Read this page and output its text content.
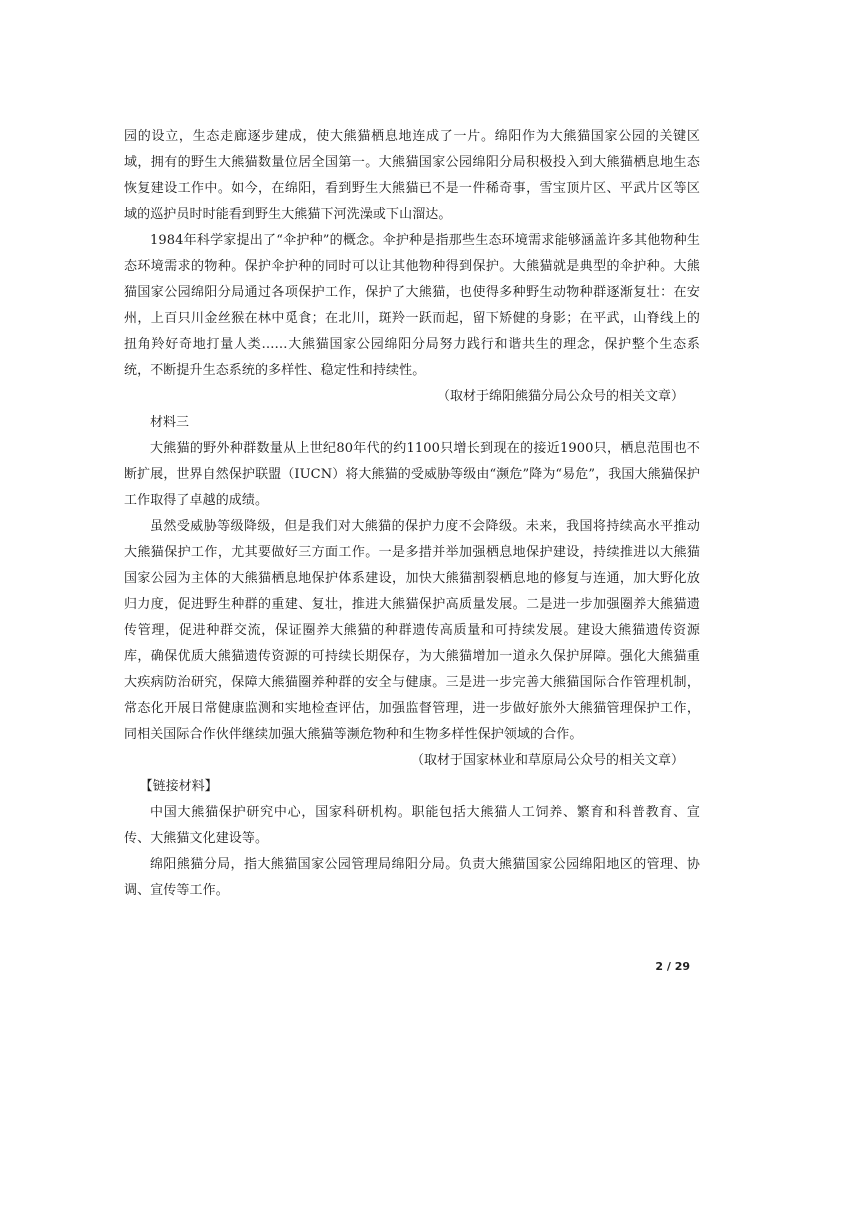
园的设立，生态走廊逐步建成，使大熊猫栖息地连成了一片。绵阳作为大熊猫国家公园的关键区域，拥有的野生大熊猫数量位居全国第一。大熊猫国家公园绵阳分局积极投入到大熊猫栖息地生态恢复建设工作中。如今，在绵阳，看到野生大熊猫已不是一件稀奇事，雪宝顶片区、平武片区等区域的巡护员时时能看到野生大熊猫下河洗澡或下山溜达。

1984年科学家提出了“伞护种”的概念。伞护种是指那些生态环境需求能够涵盖许多其他物种生态环境需求的物种。保护伞护种的同时可以让其他物种得到保护。大熊猫就是典型的伞护种。大熊猫国家公园绵阳分局通过各项保护工作，保护了大熊猫，也使得多种野生动物种群逐渐复壮：在安州，上百只川金丝猴在林中觅食；在北川，斑羚一跃而起，留下矫健的身影；在平武，山脊线上的扭角羚好奇地打量人类……大熊猫国家公园绵阳分局努力践行和谐共生的理念，保护整个生态系统，不断提升生态系统的多样性、稳定性和持续性。

（取材于绵阳熊猫分局公众号的相关文章）

材料三

大熊猫的野外种群数量从上世纪80年代的约1100只增长到现在的接近1900只，栖息范围也不断扩展，世界自然保护联盟（IUCN）将大熊猫的受威胁等级由“濒危”降为“易危”，我国大熊猫保护工作取得了卓越的成绩。

虽然受威胁等级降级，但是我们对大熊猫的保护力度不会降级。未来，我国将持续高水平推动大熊猫保护工作，尤其要做好三方面工作。一是多措并举加强栖息地保护建设，持续推进以大熊猫国家公园为主体的大熊猫栖息地保护体系建设，加快大熊猫割裂栖息地的修复与连通，加大野化放归力度，促进野生种群的重建、复壮，推进大熊猫保护高质量发展。二是进一步加强圈养大熊猫遗传管理，促进种群交流，保证圈养大熊猫的种群遗传高质量和可持续发展。建设大熊猫遗传资源库，确保优质大熊猫遗传资源的可持续长期保存，为大熊猫增加一道永久保护屏障。强化大熊猫重大疾病防治研究，保障大熊猫圈养种群的安全与健康。三是进一步完善大熊猫国际合作管理机制，常态化开展日常健康监测和实地检查评估，加强监督管理，进一步做好旅外大熊猫管理保护工作，同相关国际合作伙伴继续加强大熊猫等濒危物种和生物多样性保护领域的合作。

（取材于国家林业和草原局公众号的相关文章）

【链接材料】

中国大熊猫保护研究中心，国家科研机构。职能包括大熊猫人工饲养、繁育和科普教育、宣传、大熊猫文化建设等。

绵阳熊猫分局，指大熊猫国家公园管理局绵阳分局。负责大熊猫国家公园绵阳地区的管理、协调、宣传等工作。

2 / 29
